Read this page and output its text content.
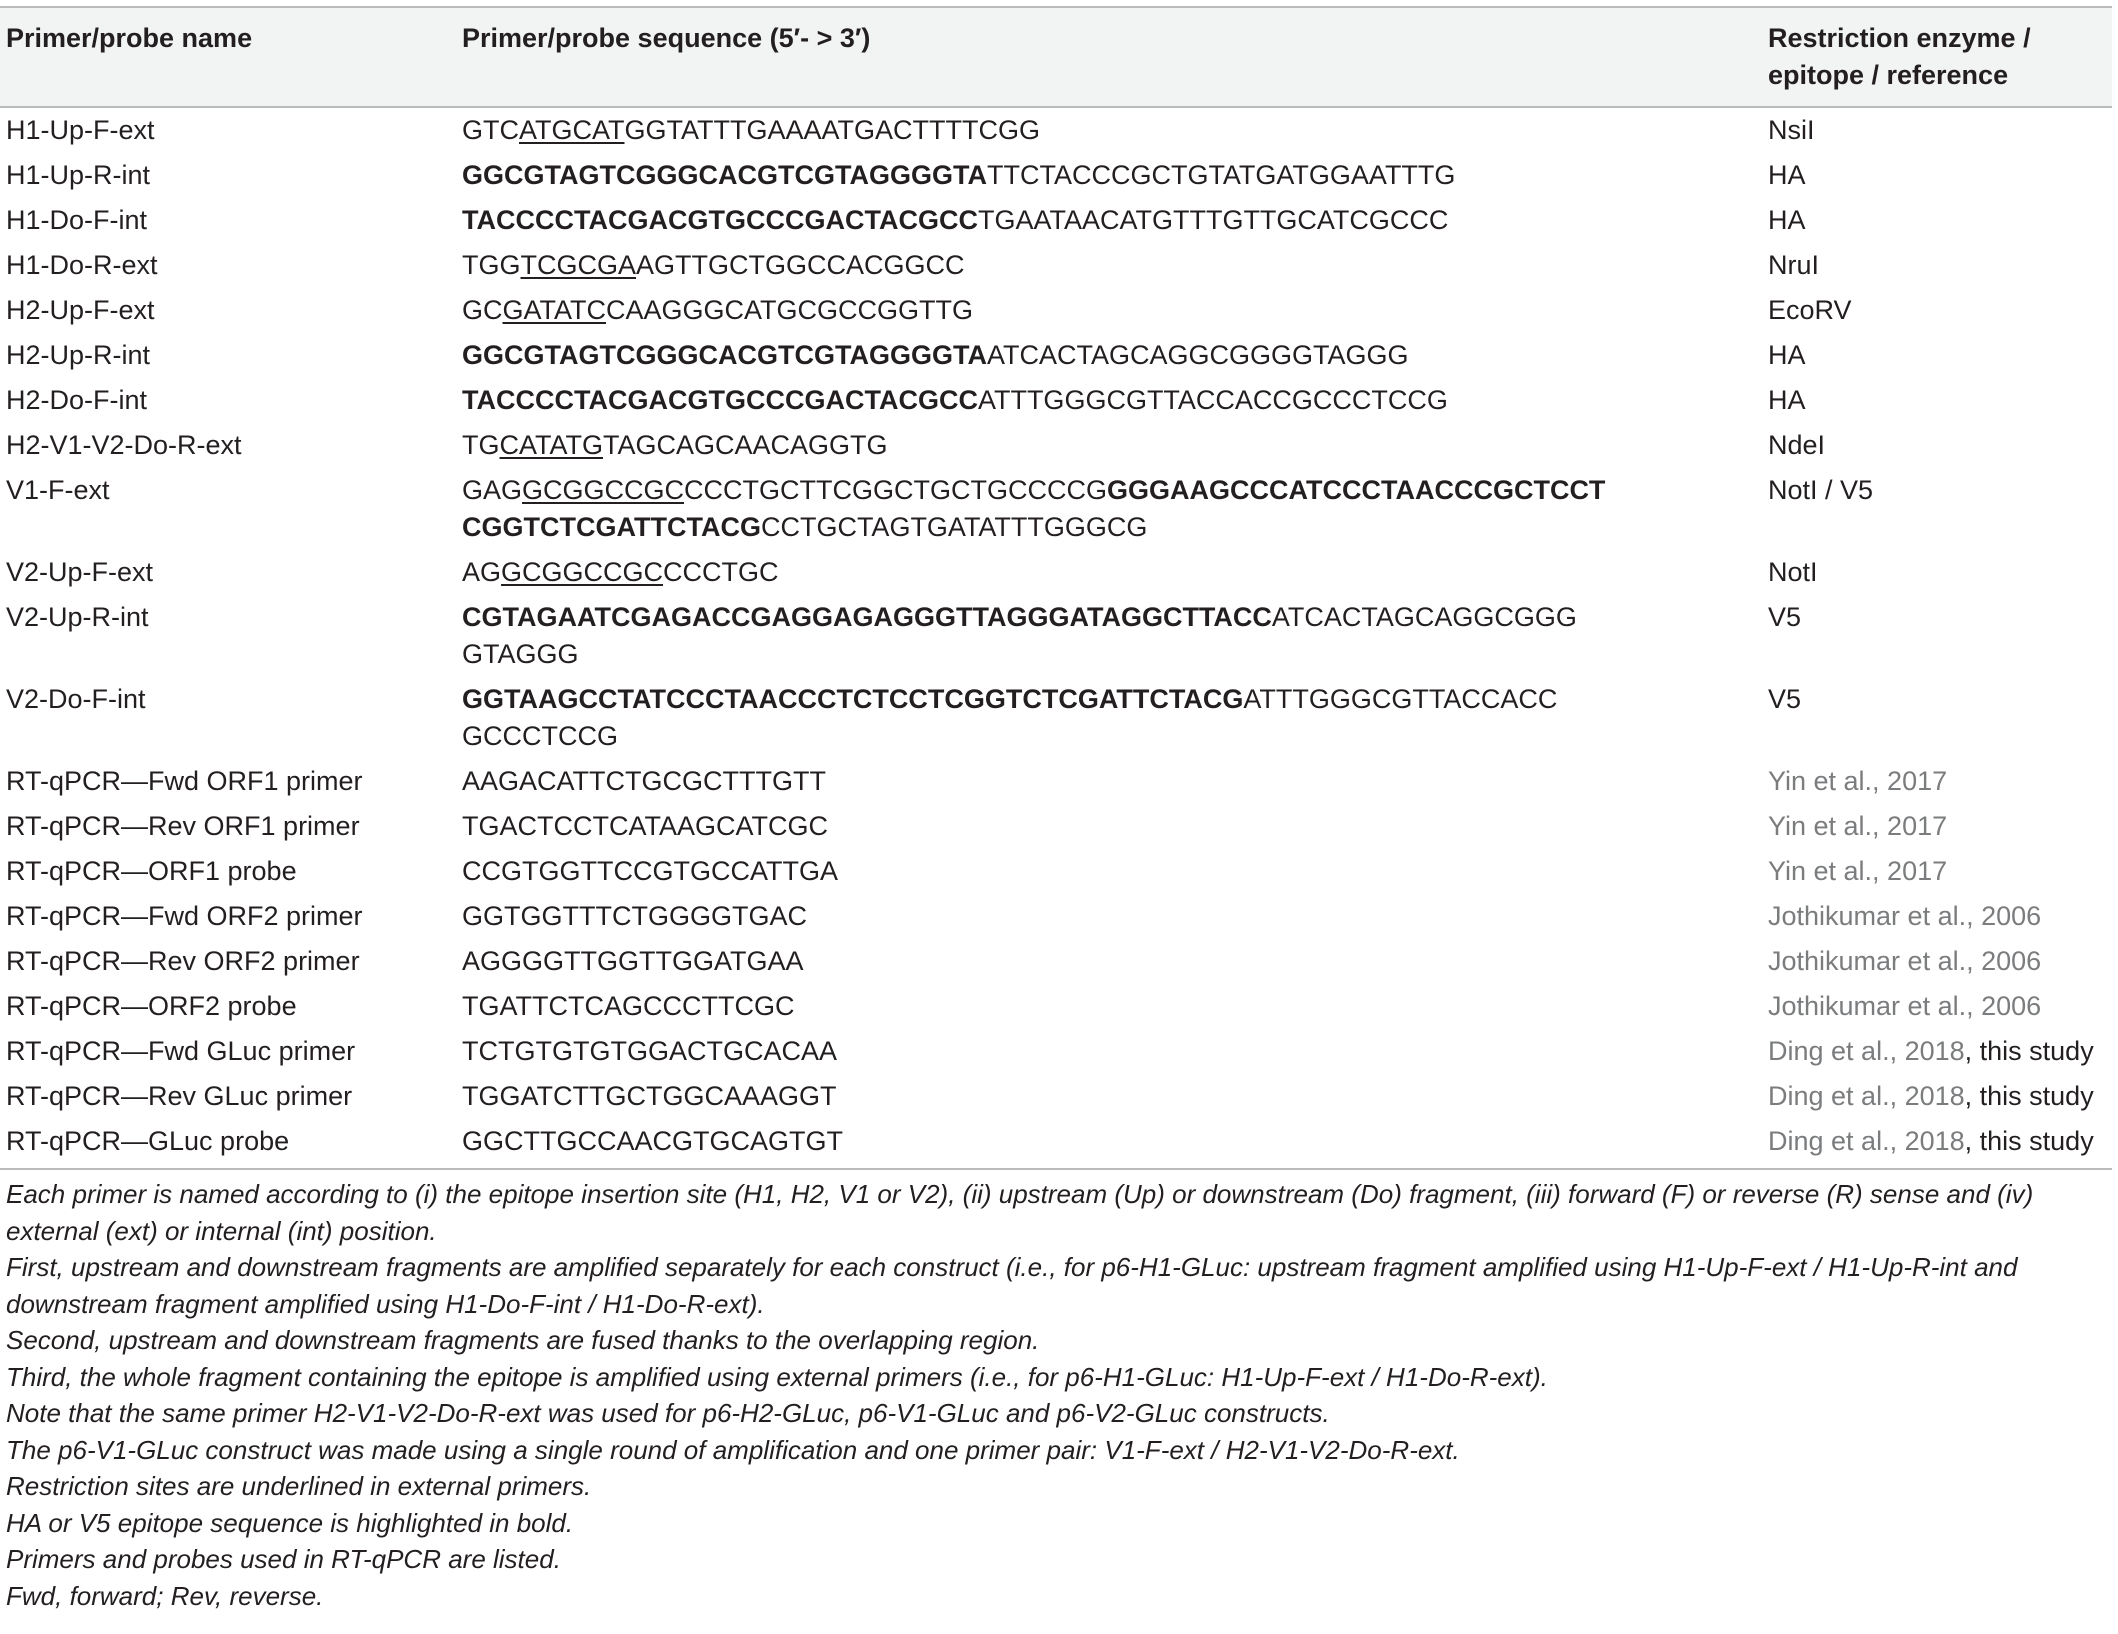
Primer/probe name	Primer/probe sequence (5′- > 3′)	Restriction enzyme /
epitope / reference
H1-Up-F-ext	GTCATGCATGGTATTTGAAAATGACTTTTCGG	NsiI
H1-Up-R-int	GGCGTAGTCGGGCACGTCGTAGGGGTATTCTACCCGCTGTATGATGGAATTTG	HA
H1-Do-F-int	TACCCCTACGACGTGCCCGACTACGCCTGAATAACATGTTTGTTGCATCGCCC	HA
H1-Do-R-ext	TGGTCGCGAAGTTGCTGGCCACGGCC	NruI
H2-Up-F-ext	GCGATATCCAAGGGCATGCGCCGGTTG	EcoRV
H2-Up-R-int	GGCGTAGTCGGGCACGTCGTAGGGGTAATCACTAGCAGGCGGGGTAGGG	HA
H2-Do-F-int	TACCCCTACGACGTGCCCGACTACGCCATTTGGGCGTTACCACCGCCCTCCG	HA
H2-V1-V2-Do-R-ext	TGCATATGTAGCAGCAACAGGTG	NdeI
V1-F-ext	GAGGCGGCCGCCCCTGCTTCGGCTGCTGCCCCGGGGAAGCCCATCCCTAACCCGCTCCT
CGGTCTCGATTCTACGCCTGCTAGTGATATTTGGGCG	NotI / V5
V2-Up-F-ext	AGGCGGCCGCCCCTGC	NotI
V2-Up-R-int	CGTAGAATCGAGACCGAGGAGAGGGTTAGGGATAGGCTTACCATCACTAGCAGGCGGG
GTAGGG	V5
V2-Do-F-int	GGTAAGCCTATCCCTAACCCTCTCCTCGGTCTCGATTCTACGATTTGGGCGTTACCACC
GCCCTCCG	V5
RT-qPCR—Fwd ORF1 primer	AAGACATTCTGCGCTTTGTT	Yin et al., 2017
RT-qPCR—Rev ORF1 primer	TGACTCCTCATAAGCATCGC	Yin et al., 2017
RT-qPCR—ORF1 probe	CCGTGGTTCCGTGCCATTGA	Yin et al., 2017
RT-qPCR—Fwd ORF2 primer	GGTGGTTTCTGGGGTGAC	Jothikumar et al., 2006
RT-qPCR—Rev ORF2 primer	AGGGGTTGGTTGGATGAA	Jothikumar et al., 2006
RT-qPCR—ORF2 probe	TGATTCTCAGCCCTTCGC	Jothikumar et al., 2006
RT-qPCR—Fwd GLuc primer	TCTGTGTGTGGACTGCACAA	Ding et al., 2018, this study
RT-qPCR—Rev GLuc primer	TGGATCTTGCTGGCAAAGGT	Ding et al., 2018, this study
RT-qPCR—GLuc probe	GGCTTGCCAACGTGCAGTGT	Ding et al., 2018, this study

Each primer is named according to (i) the epitope insertion site (H1, H2, V1 or V2), (ii) upstream (Up) or downstream (Do) fragment, (iii) forward (F) or reverse (R) sense and (iv) external (ext) or internal (int) position.

First, upstream and downstream fragments are amplified separately for each construct (i.e., for p6-H1-GLuc: upstream fragment amplified using H1-Up-F-ext / H1-Up-R-int and downstream fragment amplified using H1-Do-F-int / H1-Do-R-ext).

Second, upstream and downstream fragments are fused thanks to the overlapping region.

Third, the whole fragment containing the epitope is amplified using external primers (i.e., for p6-H1-GLuc: H1-Up-F-ext / H1-Do-R-ext).

Note that the same primer H2-V1-V2-Do-R-ext was used for p6-H2-GLuc, p6-V1-GLuc and p6-V2-GLuc constructs.

The p6-V1-GLuc construct was made using a single round of amplification and one primer pair: V1-F-ext / H2-V1-V2-Do-R-ext.

Restriction sites are underlined in external primers.

HA or V5 epitope sequence is highlighted in bold.

Primers and probes used in RT-qPCR are listed.

Fwd, forward; Rev, reverse.
